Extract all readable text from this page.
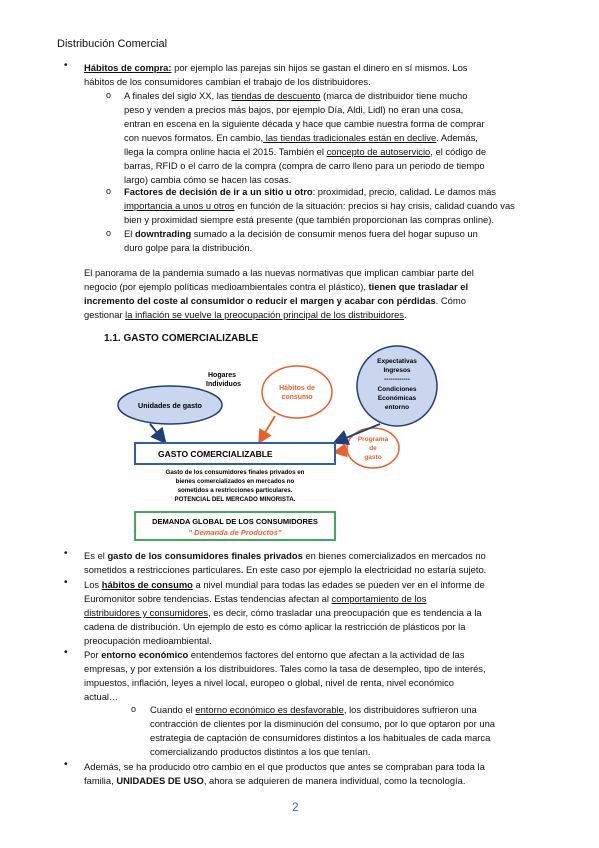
Distribución Comercial
• Hábitos de compra: por ejemplo las parejas sin hijos se gastan el dinero en sí mismos. Los
hábitos de los consumidores cambian el trabajo de los distribuidores.
o A finales del siglo XX, las tiendas de descuento (marca de distribuidor tiene mucho
peso y venden a precios más bajos, por ejemplo Día, Aldi, Lidl) no eran una cosa,
entran en escena en la siguiente década y hace que cambie nuestra forma de comprar
con nuevos formatos. En cambio, las tiendas tradicionales están en declive. Además,
llega la compra online hacia el 2015. También el concepto de autoservicio, el código de
barras, RFID o el carro de la compra (compra de carro lleno para un periodo de tiempo
largo) cambia cómo se hacen las cosas.
o Factores de decisión de ir a un sitio u otro: proximidad, precio, calidad. Le damos más
importancia a unos u otros en función de la situación: precios si hay crisis, calidad cuando vas
bien y proximidad siempre está presente (que también proporcionan las compras online).
o El downtrading sumado a la decisión de consumir menos fuera del hogar supuso un
duro golpe para la distribución.
El panorama de la pandemia sumado a las nuevas normativas que implican cambiar parte del
negocio (por ejemplo políticas medioambientales contra el plástico), tienen que trasladar el
incremento del coste al consumidor o reducir el margen y acabar con pérdidas. Cómo
gestionar la inflación se vuelve la preocupación principal de los distribuidores.
1.1. GASTO COMERCIALIZABLE
Hogares
Individuos
Unidades de gasto
Hábitos de
consumo
Expectativas
Ingresos
------------
Condiciones
Económicas
entorno
Programa
de
gasto
GASTO COMERCIALIZABLE
Gasto de los consumidores finales privados en
bienes comercializados en mercados no
sometidos a restricciones particulares.
POTENCIAL DEL MERCADO MINORISTA.
DEMANDA GLOBAL DE LOS CONSUMIDORES
" Demanda de Productos"
• Es el gasto de los consumidores finales privados en bienes comercializados en mercados no
sometidos a restricciones particulares. En este caso por ejemplo la electricidad no estaría sujeto.
• Los hábitos de consumo a nivel mundial para todas las edades se pueden ver en el informe de
Euromonitor sobre tendencias. Estas tendencias afectan al comportamiento de los
distribuidores y consumidores, es decir, cómo trasladar una preocupación que es tendencia a la
cadena de distribución. Un ejemplo de esto es cómo aplicar la restricción de plásticos por la
preocupación medioambiental.
• Por entorno económico entendemos factores del entorno que afectan a la actividad de las
empresas, y por extensión a los distribuidores. Tales como la tasa de desempleo, tipo de interés,
impuestos, inflación, leyes a nivel local, europeo o global, nivel de renta, nivel económico
actual…
o Cuando el entorno económico es desfavorable, los distribuidores sufrieron una
contracción de clientes por la disminución del consumo, por lo que optaron por una
estrategia de captación de consumidores distintos a los habituales de cada marca
comercializando productos distintos a los que tenían.
• Además, se ha producido otro cambio en el que productos que antes se compraban para toda la
familia, UNIDADES DE USO, ahora se adquieren de manera individual, como la tecnología.
2
